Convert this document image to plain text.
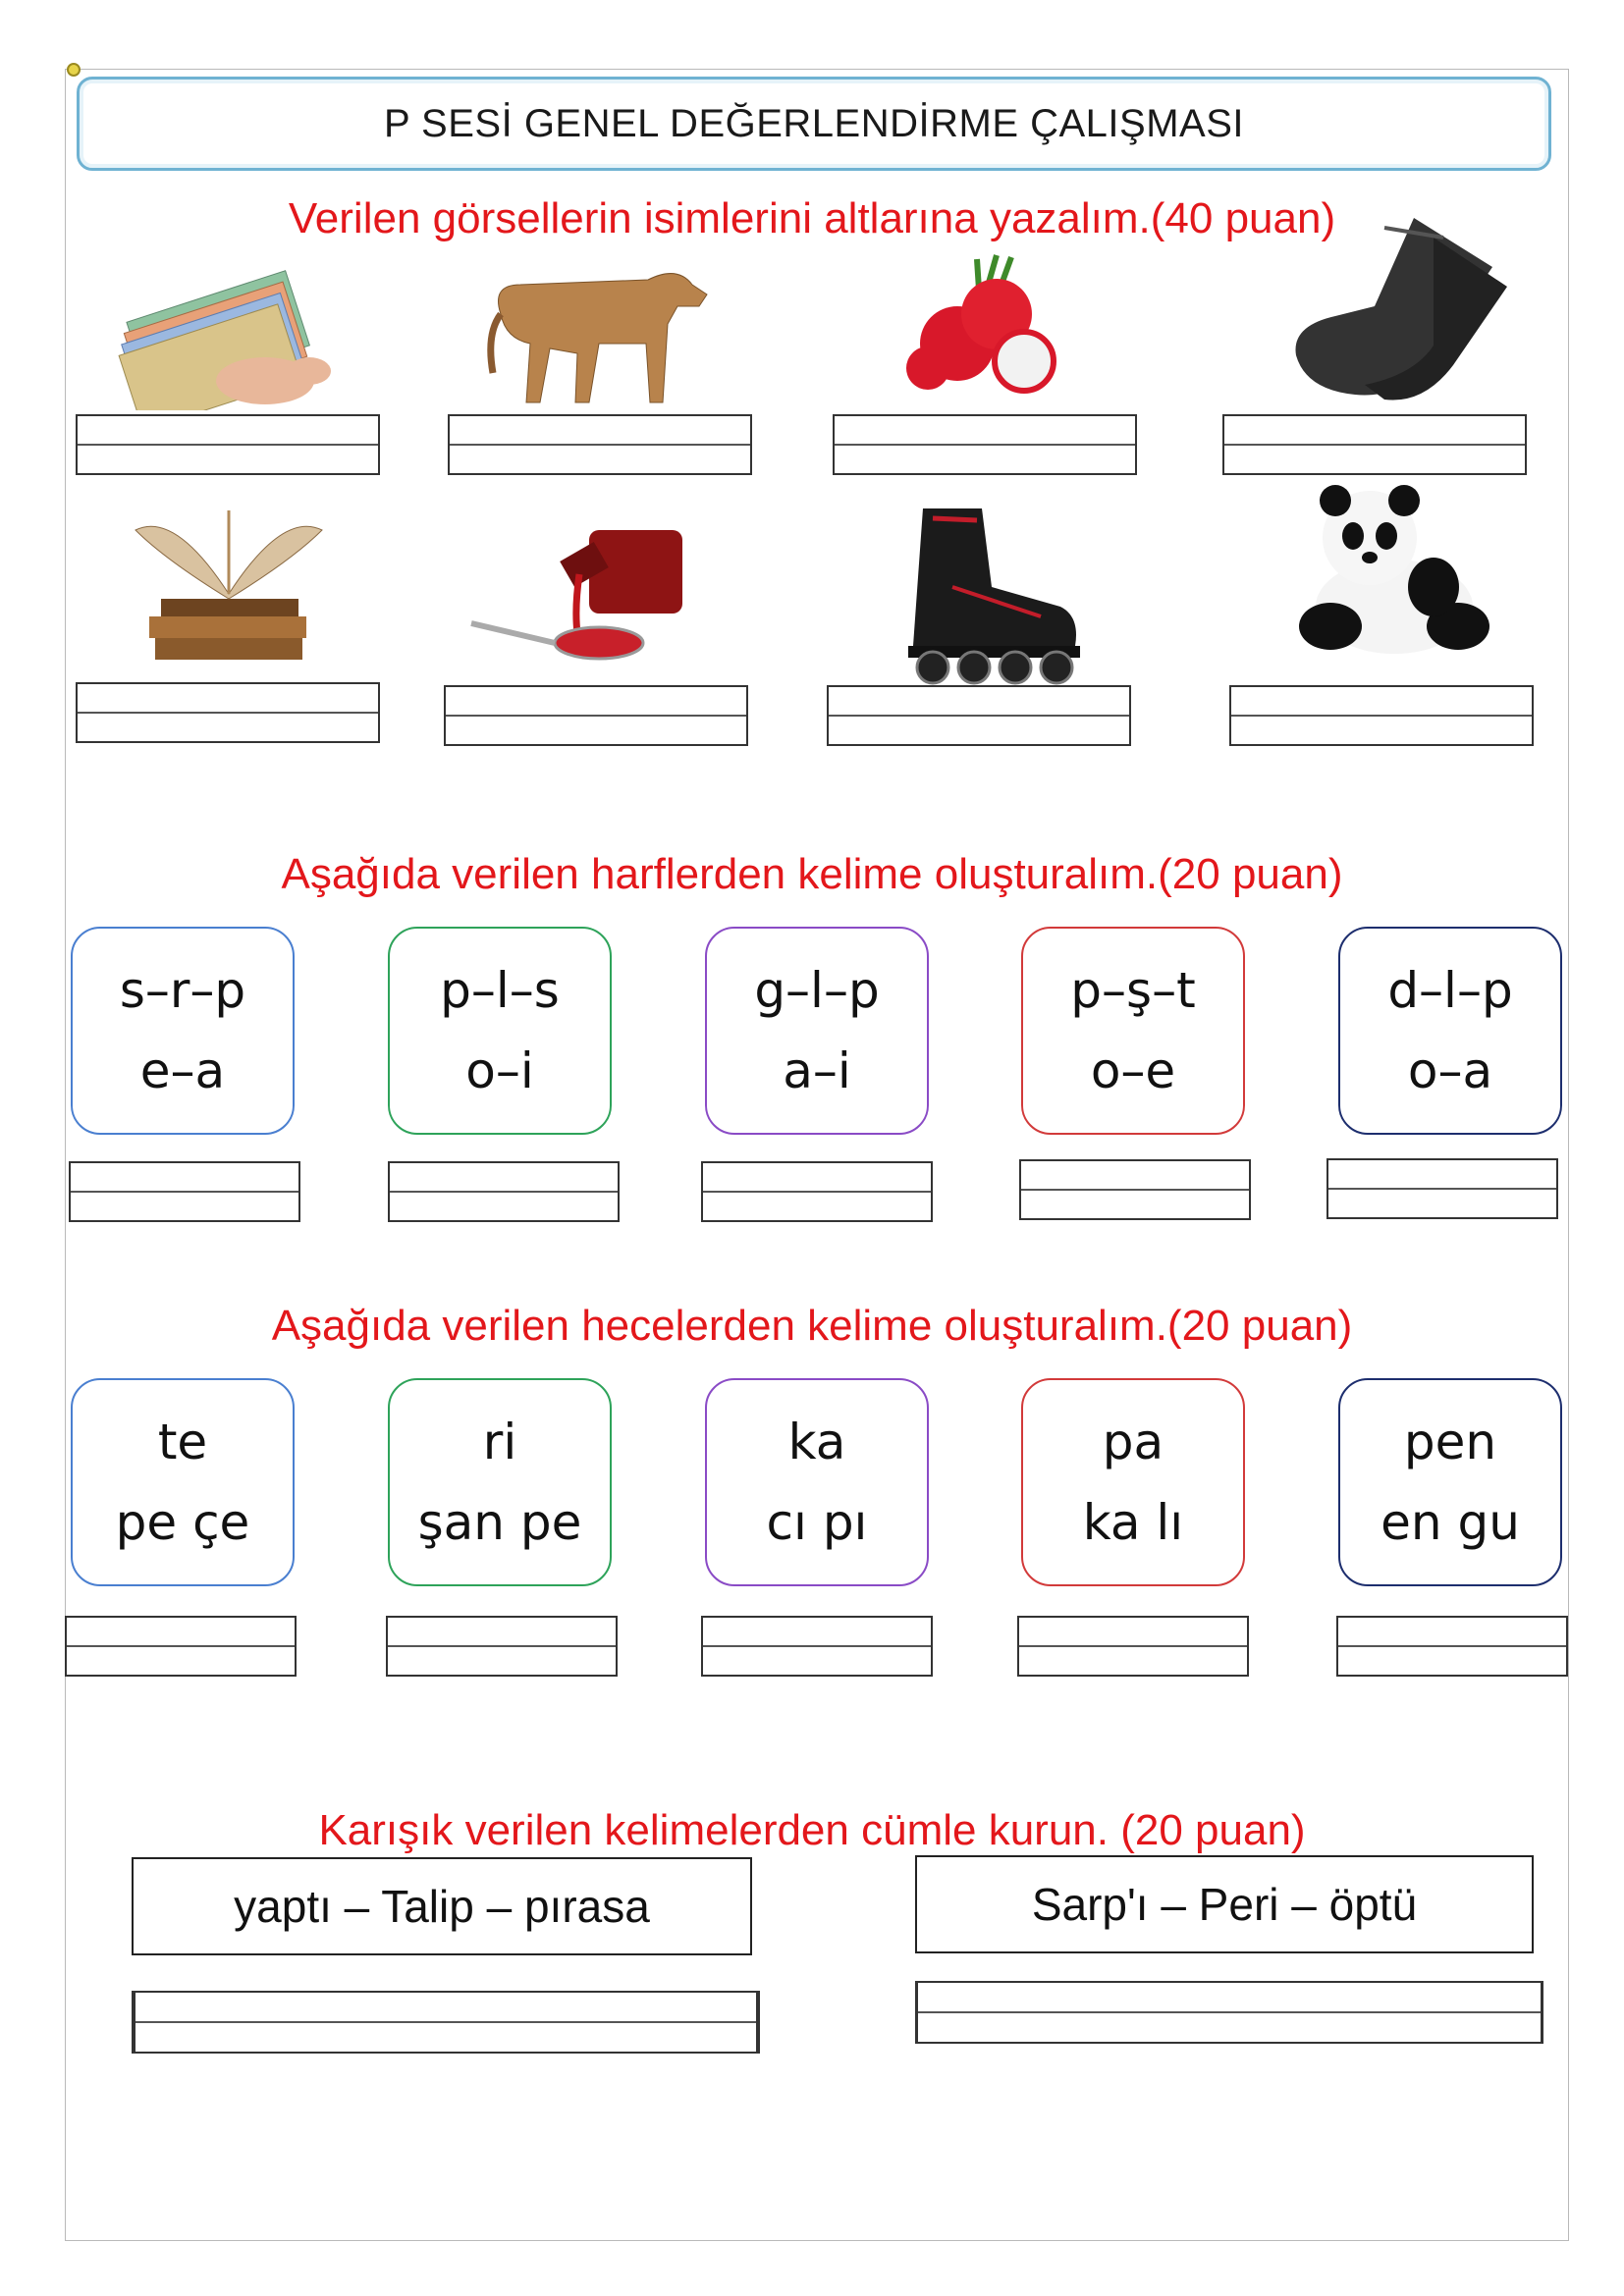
P SESİ GENEL DEĞERLENDİRME ÇALIŞMASI
Verilen görsellerin isimlerini altlarına yazalım.(40 puan)
Aşağıda verilen harflerden kelime oluşturalım.(20 puan)
s–r–p
e–a
p–l–s
o–i
g–l–p
a–i
p–ş–t
o–e
d–l–p
o–a
Aşağıda verilen hecelerden kelime oluşturalım.(20 puan)
te
pe çe
ri
şan pe
ka
cı pı
pa
ka lı
pen
en gu
Karışık verilen kelimelerden cümle kurun. (20 puan)
yaptı – Talip – pırasa	Sarp'ı – Peri – öptü
